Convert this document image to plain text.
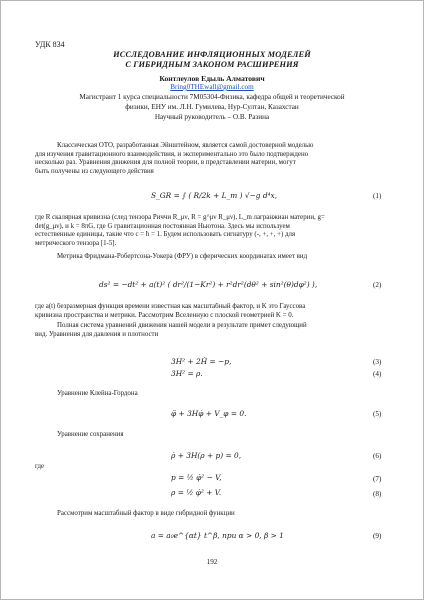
УДК 834
ИССЛЕДОВАНИЕ ИНФЛЯЦИОННЫХ МОДЕЛЕЙ
С ГИБРИДНЫМ ЗАКОНОМ РАСШИРЕНИЯ
Контлеулов Едыль Алматович
Bring0THEwall@gmail.com
Магистрант 1 курса специальности 7М05304-Физика, кафедра общей и теоретической
физики, ЕНУ им. Л.Н. Гумилева, Нур-Султан, Казахстан
Научный руководитель – О.В. Разина
Классическая ОТО, разработанная Эйнштейном, является самой достоверной моделью
для изучения гравитационного взаимодействия, и экспериментально это было подтверждено
несколько раз. Уравнения движения для полной теории, в представлении материи, могут
быть получены из следующего действия
S_GR = ∫ ( R/2k + L_m ) √−g d⁴x,	(1)
где R скалярная кривизна (след тензора Риччи R_μν, R = g^μν R_μν), L_m лагранжиан материи, g=
det(g_μν), и k = 8πG, где G гравитационная постоянная Ньютона. Здесь мы используем
естественные единицы, такие что c = ħ = 1. Будем использовать сигнатуру (-, +, +, +) для
метрического тензора [1-5].
Метрика Фридмана-Робертсона-Уокера (ФРУ) в сферических координатах имеет вид
ds² = −dt² + a(t)² ( dr²/(1−Kr²) + r²dr²(dθ² + sin²(θ)dφ²) ),	(2)
где a(t) безразмерная функция времени известная как масштабный фактор, и K это Гауссова
кривизна пространства и метрики. Рассмотрим Вселенную с плоской геометрией K = 0.
Полная система уравнений движения нашей модели в результате примет следующий
вид. Уравнения для давления и плотности
3H² + 2Ḣ = −p,	(3)
3H² = ρ.	(4)
Уравнение Клейна-Гордона
φ̈ + 3Hφ̇ + V_φ = 0.	(5)
Уравнение сохранения
ρ̇ + 3H(ρ + p) = 0,	(6)
где
p = ½ φ̇² − V,	(7)
ρ = ½ φ̇² + V.	(8)
Рассмотрим масштабный фактор в виде гибридной функции
a = a₀e^{αt} t^β, при α > 0, β > 1	(9)
192
